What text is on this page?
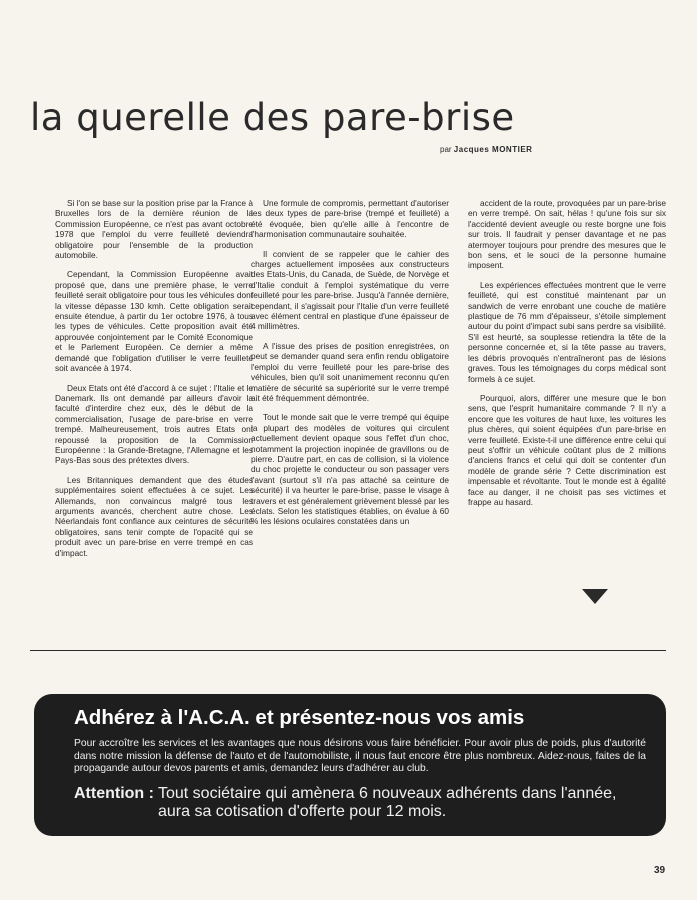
la querelle des pare-brise
par Jacques MONTIER

Si l'on se base sur la position prise par la France à Bruxelles lors de la dernière réunion de la Commission Européenne, ce n'est pas avant octobre 1978 que l'emploi du verre feuilleté deviendra obligatoire pour l'ensemble de la production automobile.

Cependant, la Commission Européenne avait proposé que, dans une première phase, le verre feuilleté serait obligatoire pour tous les véhicules dont la vitesse dépasse 130 kmh. Cette obligation serait ensuite étendue, à partir du 1er octobre 1976, à tous les types de véhicules. Cette proposition avait été approuvée conjointement par le Comité Economique et le Parlement Européen. Ce dernier a même demandé que l'obligation d'utiliser le verre feuilleté soit avancée à 1974.

Deux Etats ont été d'accord à ce sujet : l'Italie et le Danemark. Ils ont demandé par ailleurs d'avoir la faculté d'interdire chez eux, dès le début de la commercialisation, l'usage de pare-brise en verre trempé. Malheureusement, trois autres Etats ont repoussé la proposition de la Commission Européenne : la Grande-Bretagne, l'Allemagne et les Pays-Bas sous des prétextes divers.

Les Britanniques demandent que des études supplémentaires soient effectuées à ce sujet. Les Allemands, non convaincus malgré tous les arguments avancés, cherchent autre chose. Les Néerlandais font confiance aux ceintures de sécurité obligatoires, sans tenir compte de l'opacité qui se produit avec un pare-brise en verre trempé en cas d'impact.

Une formule de compromis, permettant d'autoriser les deux types de pare-brise (trempé et feuilleté) a été évoquée, bien qu'elle aille à l'encontre de l'harmonisation communautaire souhaitée.

Il convient de se rappeler que le cahier des charges actuellement imposées aux constructeurs des Etats-Unis, du Canada, de Suède, de Norvège et d'Italie conduit à l'emploi systématique du verre feuilleté pour les pare-brise. Jusqu'à l'année dernière, cependant, il s'agissait pour l'Italie d'un verre feuilleté avec élément central en plastique d'une épaisseur de 4 millimètres.

A l'issue des prises de position enregistrées, on peut se demander quand sera enfin rendu obligatoire l'emploi du verre feuilleté pour les pare-brise des véhicules, bien qu'il soit unanimement reconnu qu'en matière de sécurité sa supériorité sur le verre trempé ait été fréquemment démontrée.

Tout le monde sait que le verre trempé qui équipe la plupart des modèles de voitures qui circulent actuellement devient opaque sous l'effet d'un choc, notamment la projection inopinée de gravillons ou de pierre. D'autre part, en cas de collision, si la violence du choc projette le conducteur ou son passager vers l'avant (surtout s'il n'a pas attaché sa ceinture de sécurité) il va heurter le pare-brise, passe le visage à travers et est généralement grièvement blessé par les éclats. Selon les statistiques établies, on évalue à 60 % les lésions oculaires constatées dans un

accident de la route, provoquées par un pare-brise en verre trempé. On sait, hélas ! qu'une fois sur six l'accidenté devient aveugle ou reste borgne une fois sur trois. Il faudrait y penser davantage et ne pas atermoyer toujours pour prendre des mesures que le bon sens, et le souci de la personne humaine imposent.

Les expériences effectuées montrent que le verre feuilleté, qui est constitué maintenant par un sandwich de verre enrobant une couche de matière plastique de 76 mm d'épaisseur, s'étoile simplement autour du point d'impact subi sans perdre sa visibilité. S'il est heurté, sa souplesse retiendra la tête de la personne concernée et, si la tête passe au travers, les débris provoqués n'entraîneront pas de lésions graves. Tous les témoignages du corps médical sont formels à ce sujet.

Pourquoi, alors, différer une mesure que le bon sens, que l'esprit humanitaire commande ? Il n'y a encore que les voitures de haut luxe, les voitures les plus chères, qui soient équipées d'un pare-brise en verre feuilleté. Existe-t-il une différence entre celui qui peut s'offrir un véhicule coûtant plus de 2 millions d'anciens francs et celui qui doit se contenter d'un modèle de grande série ? Cette discrimination est impensable et révoltante. Tout le monde est à égalité face au danger, il ne choisit pas ses victimes et frappe au hasard.

Adhérez à l'A.C.A. et présentez-nous vos amis

Pour accroître les services et les avantages que nous désirons vous faire bénéficier. Pour avoir plus de poids, plus d'autorité dans notre mission la défense de l'auto et de l'automobiliste, il nous faut encore être plus nombreux. Aidez-nous, faites de la propagande autour devos parents et amis, demandez leurs d'adhérer au club.

Attention : Tout sociétaire qui amènera 6 nouveaux adhérents dans l'année, aura sa cotisation d'offerte pour 12 mois.
39
